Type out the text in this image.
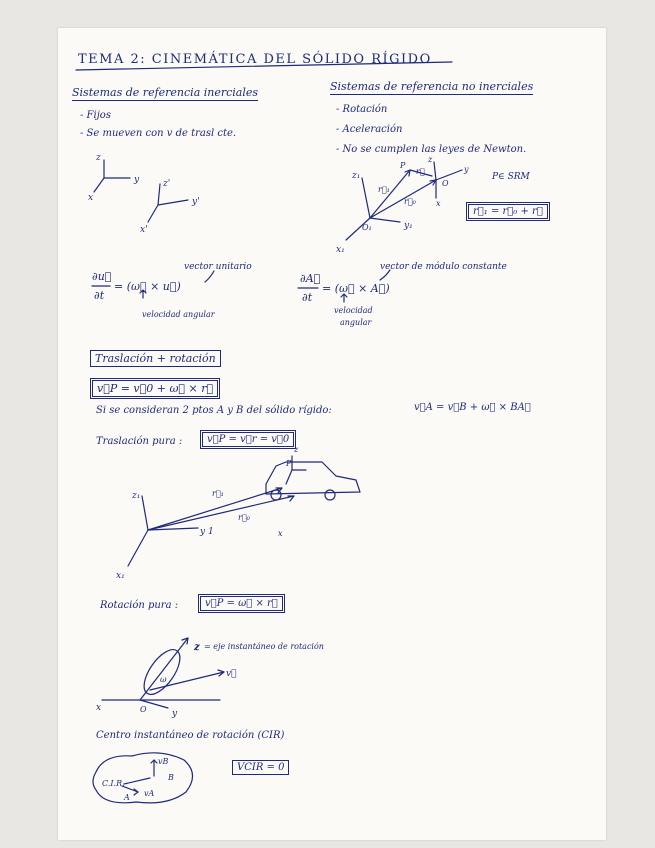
TEMA 2: CINEMÁTICA DEL SÓLIDO RÍGIDO
Sistemas de referencia inerciales
- Fijos
- Se mueven con v de trasl cte.
Sistemas de referencia no inerciales
- Rotación
- Aceleración
- No se cumplen las leyes de Newton.
z
y
x
z'
y'
x'
z₁
y₁
x₁
O₁
z
y
x
O
P
r⃗₁
r⃗
r⃗₀
z₁
y 1
x₁
r⃗₁
r⃗₀
P
z
x
z = eje instantáneo de rotación
v⃗
x
y
O
ω
C.I.R.
A
B
vA
vB
P∈ SRM
r⃗₁ = r⃗₀ + r⃗
vector unitario
∂u⃗
∂t
= (ω⃗ × u⃗)
velocidad angular
vector de módulo constante
∂A⃗
∂t
= (ω⃗ × A⃗)
velocidad
angular
Traslación + rotación
v⃗P = v⃗0 + ω⃗ × r⃗
Si se consideran 2 ptos A y B del sólido rígido:	v⃗A = v⃗B + ω⃗ × BA⃗
Traslación pura :	v⃗P = v⃗r = v⃗0
Rotación pura :	v⃗P = ω⃗ × r⃗
Centro instantáneo de rotación (CIR)
VCIR = 0
